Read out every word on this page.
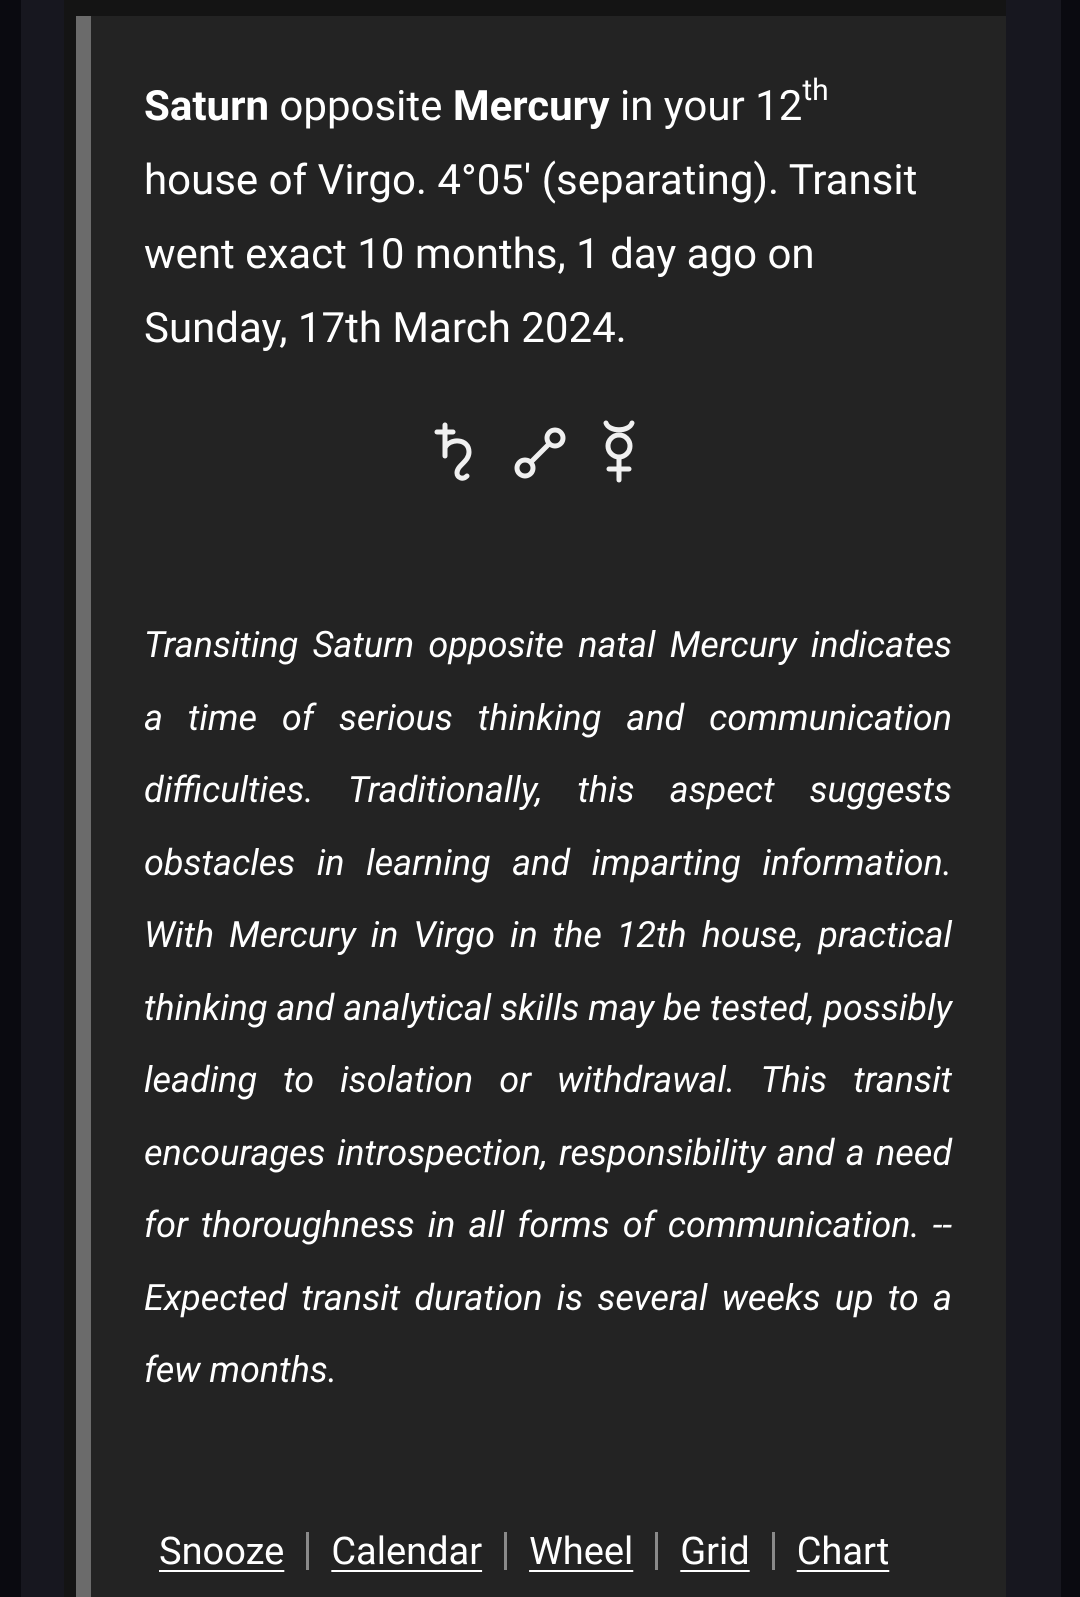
Saturn opposite Mercury in your 12th house of Virgo. 4°05' (separating). Transit went exact 10 months, 1 day ago on Sunday, 17th March 2024.

Transiting Saturn opposite natal Mercury indicates a time of serious thinking and communication difficulties. Traditionally, this aspect suggests obstacles in learning and imparting information. With Mercury in Virgo in the 12th house, practical thinking and analytical skills may be tested, possibly leading to isolation or withdrawal. This transit encourages introspection, responsibility and a need for thoroughness in all forms of communication. -- Expected transit duration is several weeks up to a few months.

Snooze Calendar Wheel Grid Chart
